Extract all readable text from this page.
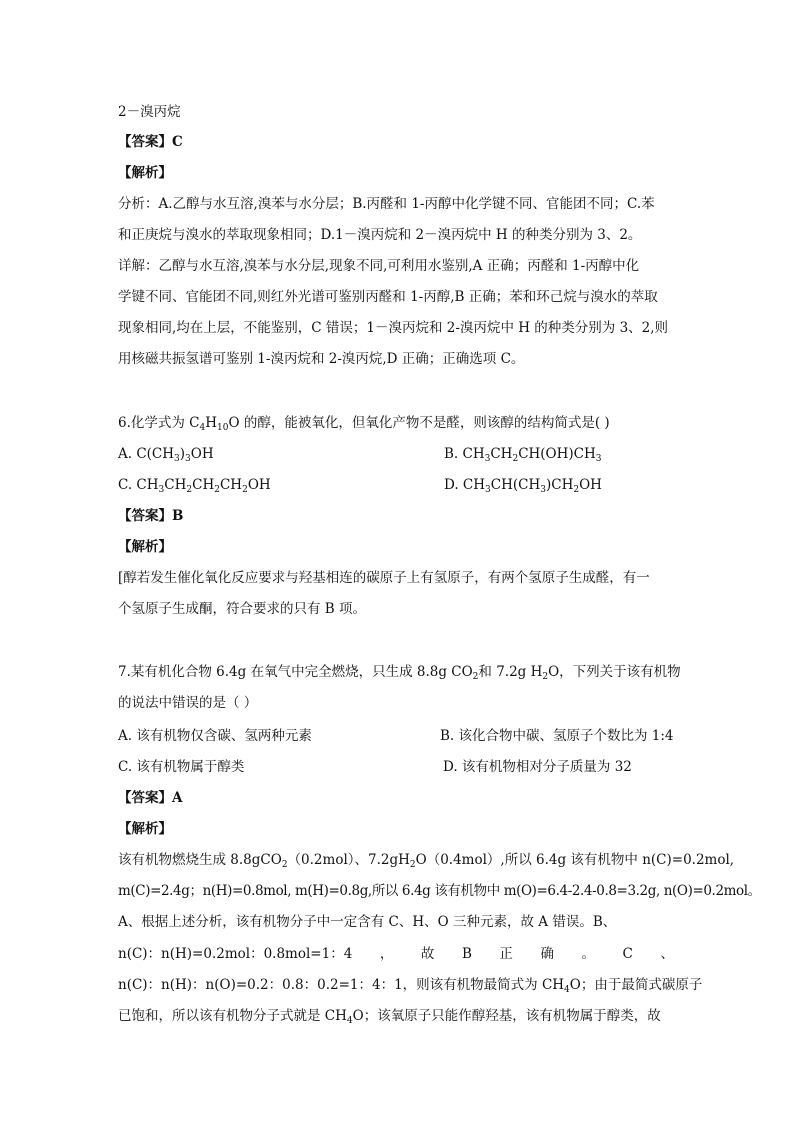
2－溴丙烷
【答案】C
【解析】
分析：A.乙醇与水互溶,溴苯与水分层；B.丙醛和 1-丙醇中化学键不同、官能团不同；C.苯
和正庚烷与溴水的萃取现象相同；D.1－溴丙烷和 2－溴丙烷中 H 的种类分别为 3、2。
详解：乙醇与水互溶,溴苯与水分层,现象不同,可利用水鉴别,A 正确；丙醛和 1-丙醇中化
学键不同、官能团不同,则红外光谱可鉴别丙醛和 1-丙醇,B 正确；苯和环己烷与溴水的萃取
现象相同,均在上层，不能鉴别，C 错误；1－溴丙烷和 2-溴丙烷中 H 的种类分别为 3、2,则
用核磁共振氢谱可鉴别 1-溴丙烷和 2-溴丙烷,D 正确；正确选项 C。
6.化学式为 $C_4H_{10}O$ 的醇，能被氧化，但氧化产物不是醛，则该醇的结构简式是( )
A. $C(CH_3)_3OH$	B. $CH_3CH_2CH(OH)CH_3$
C. $CH_3CH_2CH_2CH_2OH$	D. $CH_3CH(CH_3)CH_2OH$
【答案】B
【解析】
[醇若发生催化氧化反应要求与羟基相连的碳原子上有氢原子，有两个氢原子生成醛，有一
个氢原子生成酮，符合要求的只有 B 项。
7.某有机化合物 6.4g 在氧气中完全燃烧，只生成 8.8g $CO_2$和 7.2g $H_2O$，下列关于该有机物
的说法中错误的是（ ）
A. 该有机物仅含碳、氢两种元素	B. 该化合物中碳、氢原子个数比为 1:4
C. 该有机物属于醇类	D. 该有机物相对分子质量为 32
【答案】A
【解析】
该有机物燃烧生成 8.8gCO$_2$（0.2mol）、$7.2gH_2O(0.4mol)$,所以 6.4g 该有机物中 n(C)=0.2mol,
m(C)=2.4g；n(H)=0.8mol, m(H)=0.8g,所以 6.4g 该有机物中 m(O)=6.4-2.4-0.8=3.2g, n(O)=0.2mol。
A、根据上述分析，该有机物分子中一定含有 C、H、O 三种元素，故 A 错误。B、
n(C)：n(H)=0.2mol：0.8mol=1：4 ， 故 B 正 确 。 C 、
n(C)：n(H)：n(O)=0.2：0.8：0.2=1：4：1，则该有机物最简式为 $CH_4O$；由于最简式碳原子
已饱和，所以该有机物分子式就是 $CH_4O$；该氧原子只能作醇羟基，该有机物属于醇类，故
